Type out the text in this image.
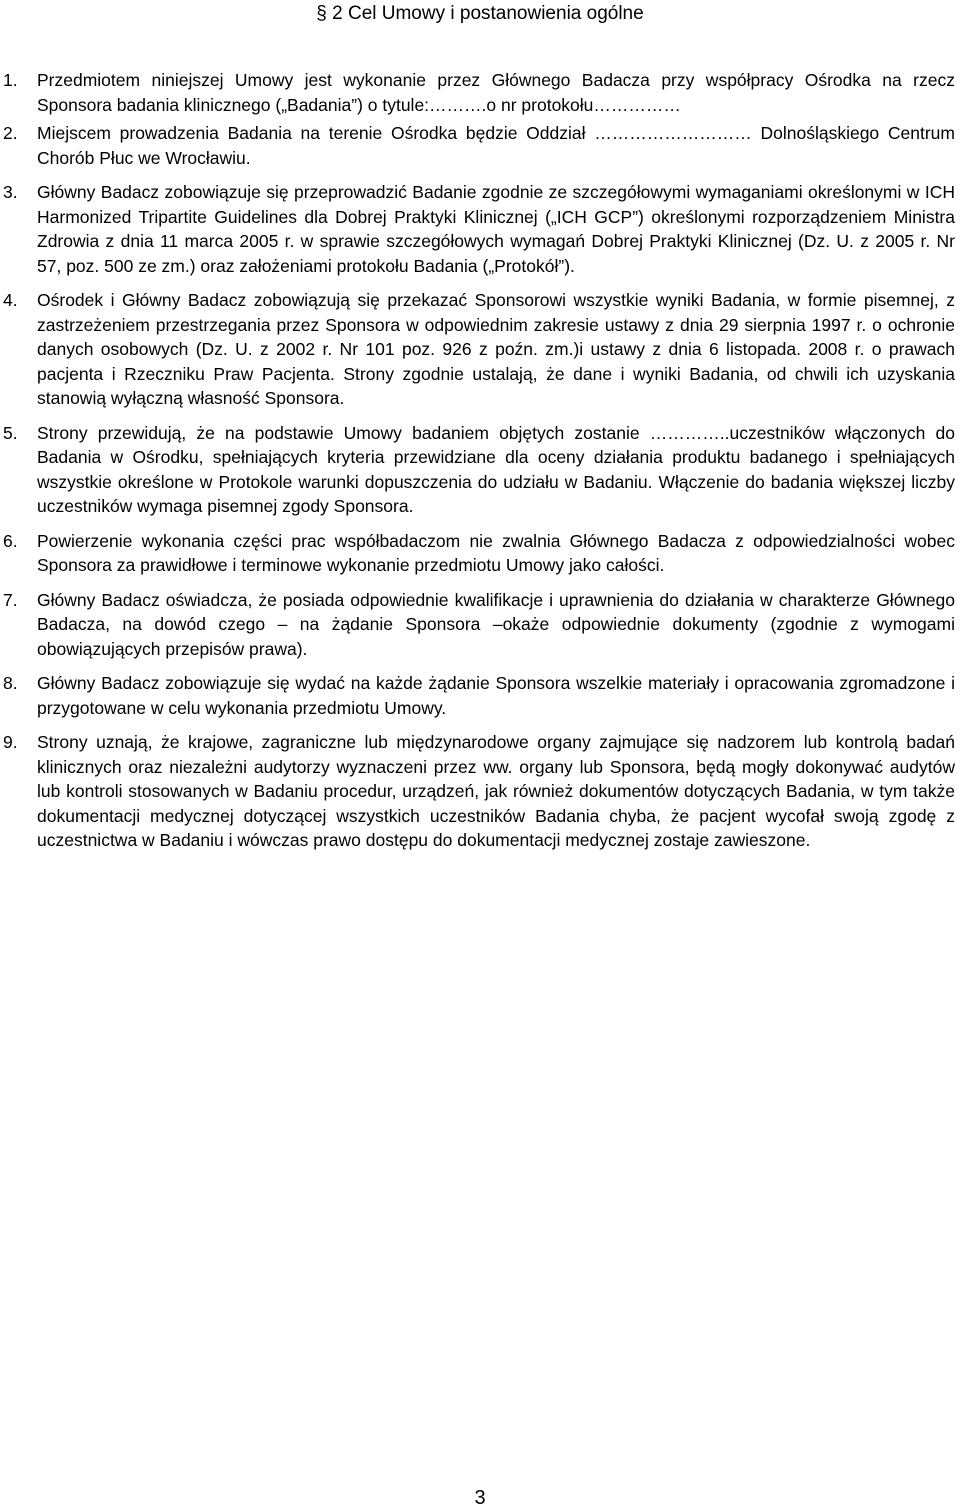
§ 2 Cel Umowy i postanowienia ogólne
1. Przedmiotem niniejszej Umowy jest wykonanie przez Głównego Badacza przy współpracy Ośrodka na rzecz Sponsora badania klinicznego („Badania”) o tytule:……….o nr protokołu……………
2. Miejscem prowadzenia Badania na terenie Ośrodka będzie Oddział ……………………… Dolnośląskiego Centrum Chorób Płuc we Wrocławiu.
3. Główny Badacz zobowiązuje się przeprowadzić Badanie zgodnie ze szczegółowymi wymaganiami określonymi w ICH Harmonized Tripartite Guidelines dla Dobrej Praktyki Klinicznej („ICH GCP”) określonymi rozporządzeniem Ministra Zdrowia z dnia 11 marca 2005 r. w sprawie szczegółowych wymagań Dobrej Praktyki Klinicznej (Dz. U. z 2005 r. Nr 57, poz. 500 ze zm.) oraz założeniami protokołu Badania („Protokół”).
4. Ośrodek i Główny Badacz zobowiązują się przekazać Sponsorowi wszystkie wyniki Badania, w formie pisemnej, z zastrzeżeniem przestrzegania przez Sponsora w odpowiednim zakresie ustawy z dnia 29 sierpnia 1997 r. o ochronie danych osobowych (Dz. U. z 2002 r. Nr 101 poz. 926 z poźn. zm.)i ustawy z dnia 6 listopada. 2008 r. o prawach pacjenta i Rzeczniku Praw Pacjenta. Strony zgodnie ustalają, że dane i wyniki Badania, od chwili ich uzyskania stanowią wyłączną własność Sponsora.
5. Strony przewidują, że na podstawie Umowy badaniem objętych zostanie …………..uczestników włączonych do Badania w Ośrodku, spełniających kryteria przewidziane dla oceny działania produktu badanego i spełniających wszystkie określone w Protokole warunki dopuszczenia do udziału w Badaniu. Włączenie do badania większej liczby uczestników wymaga pisemnej zgody Sponsora.
6. Powierzenie wykonania części prac współbadaczom nie zwalnia Głównego Badacza z odpowiedzialności wobec Sponsora za prawidłowe i terminowe wykonanie przedmiotu Umowy jako całości.
7. Główny Badacz oświadcza, że posiada odpowiednie kwalifikacje i uprawnienia do działania w charakterze Głównego Badacza, na dowód czego – na żądanie Sponsora –okaże odpowiednie dokumenty (zgodnie z wymogami obowiązujących przepisów prawa).
8. Główny Badacz zobowiązuje się wydać na każde żądanie Sponsora wszelkie materiały i opracowania zgromadzone i przygotowane w celu wykonania przedmiotu Umowy.
9. Strony uznają, że krajowe, zagraniczne lub międzynarodowe organy zajmujące się nadzorem lub kontrolą badań klinicznych oraz niezależni audytorzy wyznaczeni przez ww. organy lub Sponsora, będą mogły dokonywać audytów lub kontroli stosowanych w Badaniu procedur, urządzeń, jak również dokumentów dotyczących Badania, w tym także dokumentacji medycznej dotyczącej wszystkich uczestników Badania chyba, że pacjent wycofał swoją zgodę z uczestnictwa w Badaniu i wówczas prawo dostępu do dokumentacji medycznej zostaje zawieszone.
3
